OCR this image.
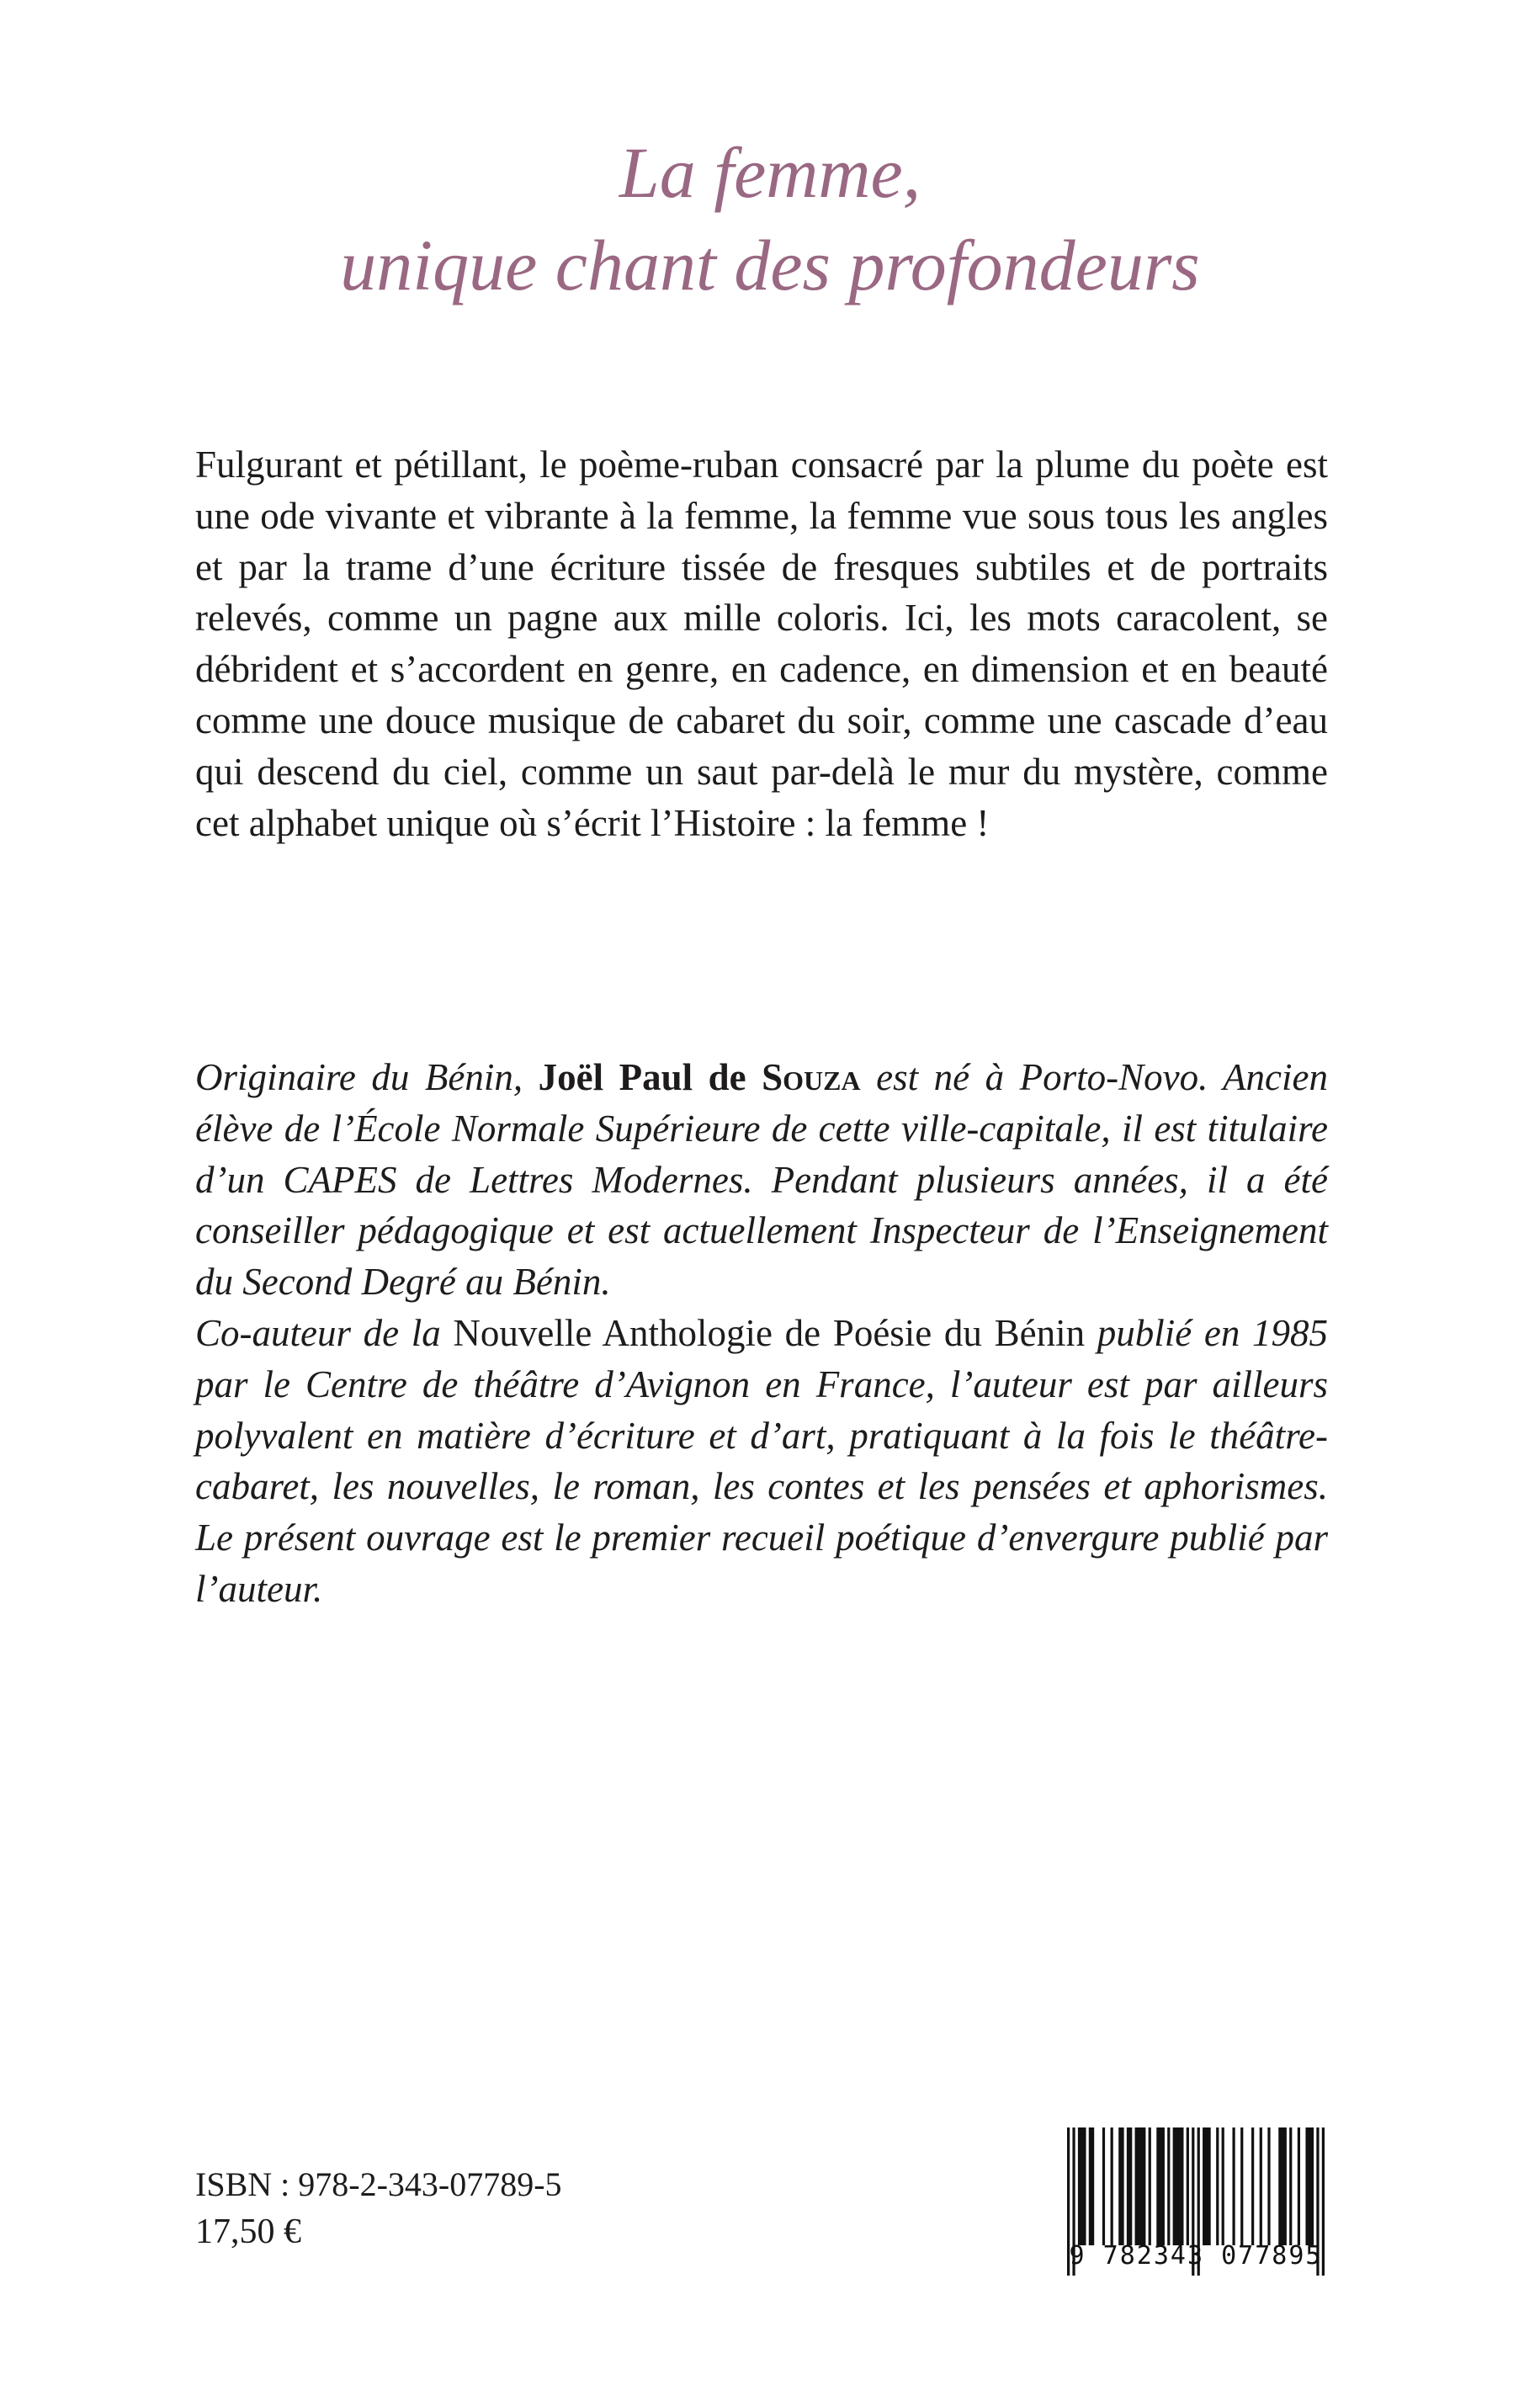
La femme,
unique chant des profondeurs

Fulgurant et pétillant, le poème-ruban consacré par la plume du poète est une ode vivante et vibrante à la femme, la femme vue sous tous les angles et par la trame d’une écriture tissée de fresques subtiles et de portraits relevés, comme un pagne aux mille coloris. Ici, les mots caracolent, se débrident et s’accordent en genre, en cadence, en dimension et en beauté comme une douce musique de cabaret du soir, comme une cascade d’eau qui descend du ciel, comme un saut par-delà le mur du mystère, comme cet alphabet unique où s’écrit l’Histoire : la femme !

Originaire du Bénin, Joël Paul de Souza est né à Porto-Novo. Ancien élève de l’École Normale Supérieure de cette ville-capitale, il est titulaire d’un CAPES de Lettres Modernes. Pendant plusieurs années, il a été conseiller pédagogique et est actuellement Inspecteur de l’Enseignement du Second Degré au Bénin.

Co-auteur de la Nouvelle Anthologie de Poésie du Bénin publié en 1985 par le Centre de théâtre d’Avignon en France, l’auteur est par ailleurs polyvalent en matière d’écriture et d’art, pratiquant à la fois le théâtre-cabaret, les nouvelles, le roman, les contes et les pensées et aphorismes. Le présent ouvrage est le premier recueil poétique d’envergure publié par l’auteur.

ISBN : 978-2-343-07789-5
17,50 €
9 782343 077895
